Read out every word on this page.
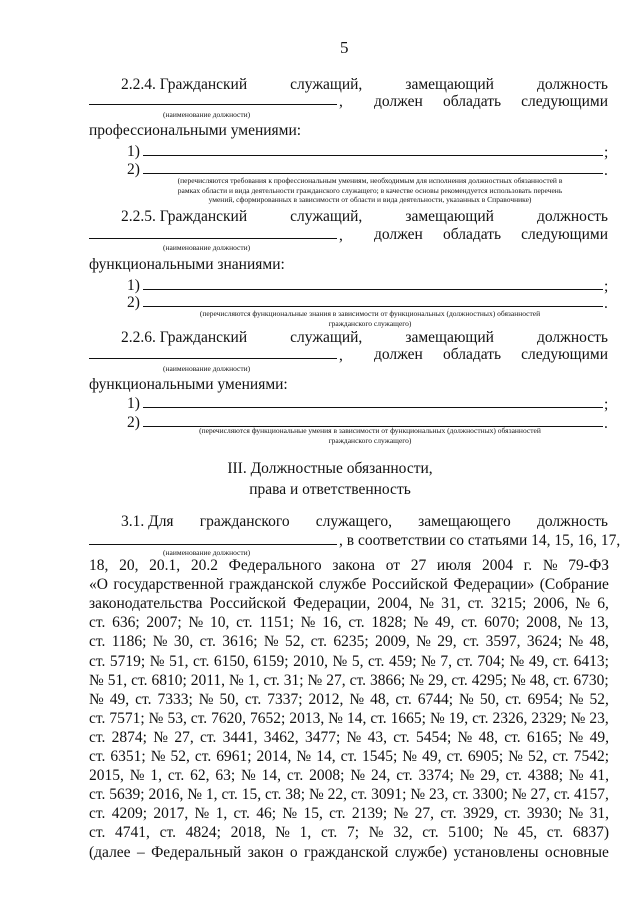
5
2.2.4. Гражданский	служащий,	замещающий	должность
, должен обладать следующими
(наименование должности)
профессиональными умениями:
1)	;
2)	.
(перечисляются требования к профессиональным умениям, необходимым для исполнения должностных обязанностей в
рамках области и вида деятельности гражданского служащего; в качестве основы рекомендуется использовать перечень
умений, сформированных в зависимости от области и вида деятельности, указанных в Справочнике)
2.2.5. Гражданский	служащий,	замещающий	должность
, должен обладать следующими
(наименование должности)
функциональными знаниями:
1)	;
2)	.
(перечисляются функциональные знания в зависимости от функциональных (должностных) обязанностей
гражданского служащего)
2.2.6. Гражданский	служащий,	замещающий	должность
, должен обладать следующими
(наименование должности)
функциональными умениями:
1)	;
2)	.
(перечисляются функциональные умения в зависимости от функциональных (должностных) обязанностей
гражданского служащего)
III. Должностные обязанности,
права и ответственность
3.1. Для гражданского служащего, замещающего должность
, в соответствии со статьями 14, 15, 16, 17,
(наименование должности)
18, 20, 20.1, 20.2 Федерального закона от 27 июля 2004 г. № 79-ФЗ
«О государственной гражданской службе Российской Федерации» (Собрание
законодательства Российской Федерации, 2004, № 31, ст. 3215; 2006, № 6,
ст. 636; 2007; № 10, ст. 1151; № 16, ст. 1828; № 49, ст. 6070; 2008, № 13,
ст. 1186; № 30, ст. 3616; № 52, ст. 6235; 2009, № 29, ст. 3597, 3624; № 48,
ст. 5719; № 51, ст. 6150, 6159; 2010, № 5, ст. 459; № 7, ст. 704; № 49, ст. 6413;
№ 51, ст. 6810; 2011, № 1, ст. 31; № 27, ст. 3866; № 29, ст. 4295; № 48, ст. 6730;
№ 49, ст. 7333; № 50, ст. 7337; 2012, № 48, ст. 6744; № 50, ст. 6954; № 52,
ст. 7571; № 53, ст. 7620, 7652; 2013, № 14, ст. 1665; № 19, ст. 2326, 2329; № 23,
ст. 2874; № 27, ст. 3441, 3462, 3477; № 43, ст. 5454; № 48, ст. 6165; № 49,
ст. 6351; № 52, ст. 6961; 2014, № 14, ст. 1545; № 49, ст. 6905; № 52, ст. 7542;
2015, № 1, ст. 62, 63; № 14, ст. 2008; № 24, ст. 3374; № 29, ст. 4388; № 41,
ст. 5639; 2016, № 1, ст. 15, ст. 38; № 22, ст. 3091; № 23, ст. 3300; № 27, ст. 4157,
ст. 4209; 2017, № 1, ст. 46; № 15, ст. 2139; № 27, ст. 3929, ст. 3930; № 31,
ст. 4741, ст. 4824; 2018, № 1, ст. 7; № 32, ст. 5100; № 45, ст. 6837)
(далее – Федеральный закон о гражданской службе) установлены основные
